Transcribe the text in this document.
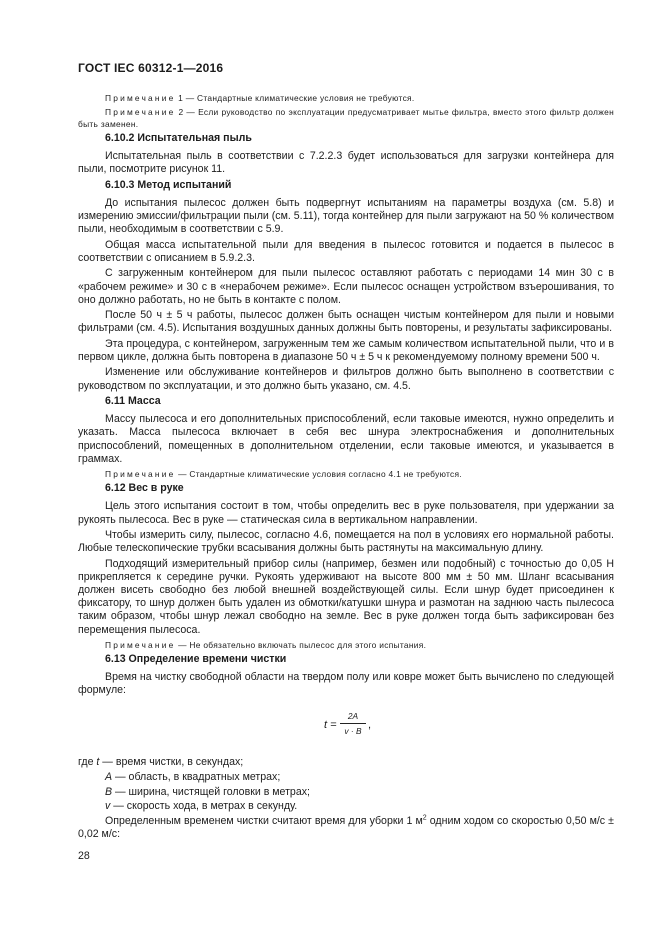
ГОСТ IEC 60312-1—2016

Примечание 1 — Стандартные климатические условия не требуются.

Примечание 2 — Если руководство по эксплуатации предусматривает мытье фильтра, вместо этого фильтр должен быть заменен.

6.10.2 Испытательная пыль

Испытательная пыль в соответствии с 7.2.2.3 будет использоваться для загрузки контейнера для пыли, посмотрите рисунок 11.

6.10.3 Метод испытаний

До испытания пылесос должен быть подвергнут испытаниям на параметры воздуха (см. 5.8) и измерению эмиссии/фильтрации пыли (см. 5.11), тогда контейнер для пыли загружают на 50 % количеством пыли, необходимым в соответствии с 5.9.

Общая масса испытательной пыли для введения в пылесос готовится и подается в пылесос в соответствии с описанием в 5.9.2.3.

С загруженным контейнером для пыли пылесос оставляют работать с периодами 14 мин 30 с в «рабочем режиме» и 30 с в «нерабочем режиме». Если пылесос оснащен устройством взъерошивания, то оно должно работать, но не быть в контакте с полом.

После 50 ч ± 5 ч работы, пылесос должен быть оснащен чистым контейнером для пыли и новыми фильтрами (см. 4.5). Испытания воздушных данных должны быть повторены, и результаты зафиксированы.

Эта процедура, с контейнером, загруженным тем же самым количеством испытательной пыли, что и в первом цикле, должна быть повторена в диапазоне 50 ч ± 5 ч к рекомендуемому полному времени 500 ч.

Изменение или обслуживание контейнеров и фильтров должно быть выполнено в соответствии с руководством по эксплуатации, и это должно быть указано, см. 4.5.

6.11 Масса

Массу пылесоса и его дополнительных приспособлений, если таковые имеются, нужно определить и указать. Масса пылесоса включает в себя вес шнура электроснабжения и дополнительных приспособлений, помещенных в дополнительном отделении, если таковые имеются, и указывается в граммах.

Примечание — Стандартные климатические условия согласно 4.1 не требуются.

6.12 Вес в руке

Цель этого испытания состоит в том, чтобы определить вес в руке пользователя, при удержании за рукоять пылесоса. Вес в руке — статическая сила в вертикальном направлении.

Чтобы измерить силу, пылесос, согласно 4.6, помещается на пол в условиях его нормальной работы. Любые телескопические трубки всасывания должны быть растянуты на максимальную длину.

Подходящий измерительный прибор силы (например, безмен или подобный) с точностью до 0,05 Н прикрепляется к середине ручки. Рукоять удерживают на высоте 800 мм ± 50 мм. Шланг всасывания должен висеть свободно без любой внешней воздействующей силы. Если шнур будет присоединен к фиксатору, то шнур должен быть удален из обмотки/катушки шнура и размотан на заднюю часть пылесоса таким образом, чтобы шнур лежал свободно на земле. Вес в руке должен тогда быть зафиксирован без перемещения пылесоса.

Примечание — Не обязательно включать пылесос для этого испытания.

6.13 Определение времени чистки

Время на чистку свободной области на твердом полу или ковре может быть вычислено по следующей формуле:

t =
2A
v · B ,

где t — время чистки, в секундах;

A — область, в квадратных метрах;

B — ширина, чистящей головки в метрах;

v — скорость хода, в метрах в секунду.

Определенным временем чистки считают время для уборки 1 $м^2$ одним ходом со скоростью 0,50 м/с ± 0,02 м/с:

28
